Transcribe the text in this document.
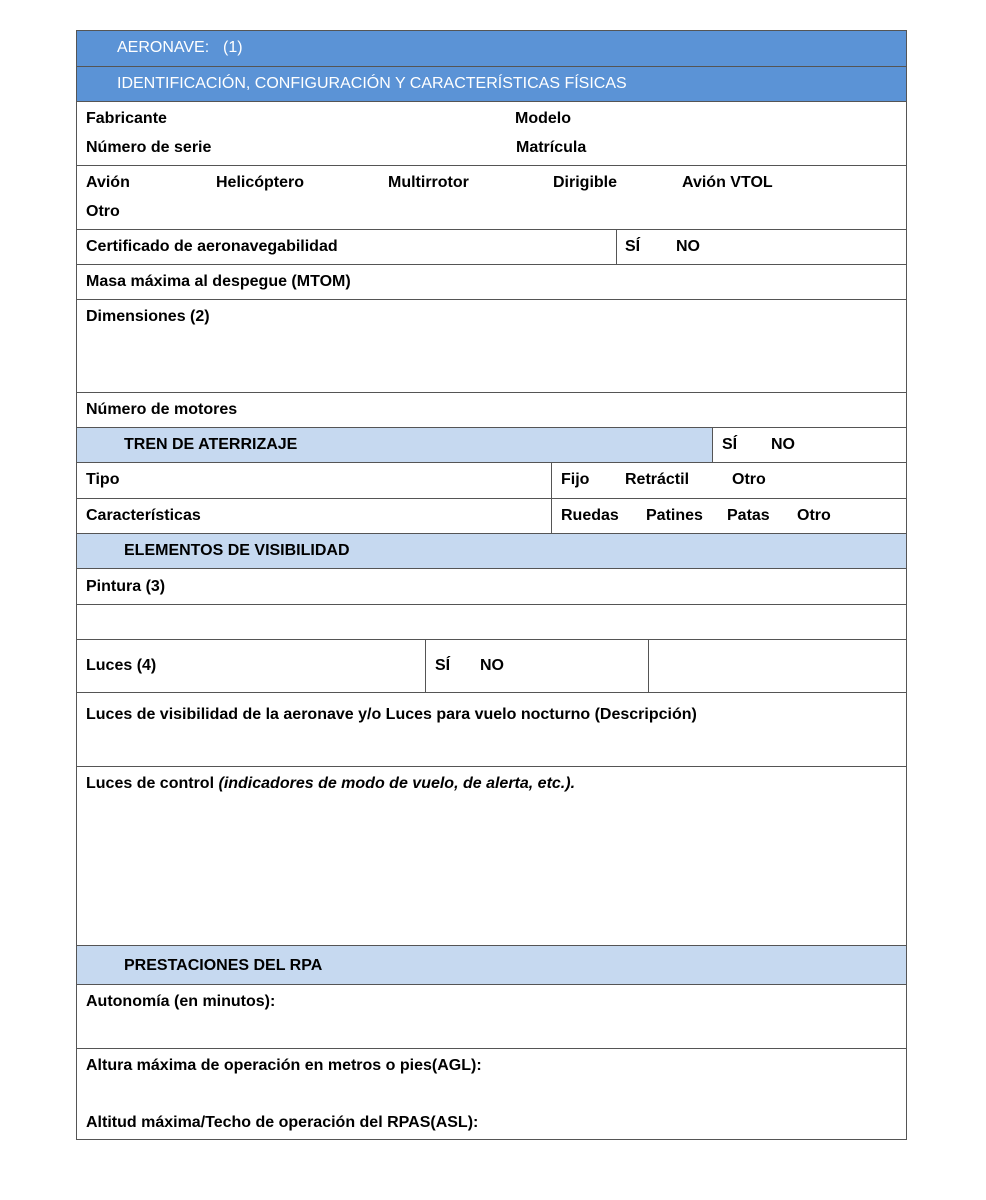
AERONAVE: (1)
IDENTIFICACIÓN, CONFIGURACIÓN Y CARACTERÍSTICAS FÍSICAS
Fabricante	Modelo
Número de serie	Matrícula
Avión	Helicóptero	Multirrotor	Dirigible	Avión VTOL
Otro
Certificado de aeronavegabilidad	SÍ NO
Masa máxima al despegue (MTOM)
Dimensiones (2)
Número de motores
TREN DE ATERRIZAJE	SÍ NO
Tipo	Fijo Retráctil	Otro
Características	Ruedas Patines Patas Otro
ELEMENTOS DE VISIBILIDAD
Pintura (3)
Luces (4)	SÍ NO
Luces de visibilidad de la aeronave y/o Luces para vuelo nocturno (Descripción)
Luces de control (indicadores de modo de vuelo, de alerta, etc.).
PRESTACIONES DEL RPA
Autonomía (en minutos):
Altura máxima de operación en metros o pies(AGL):
Altitud máxima/Techo de operación del RPAS(ASL):
